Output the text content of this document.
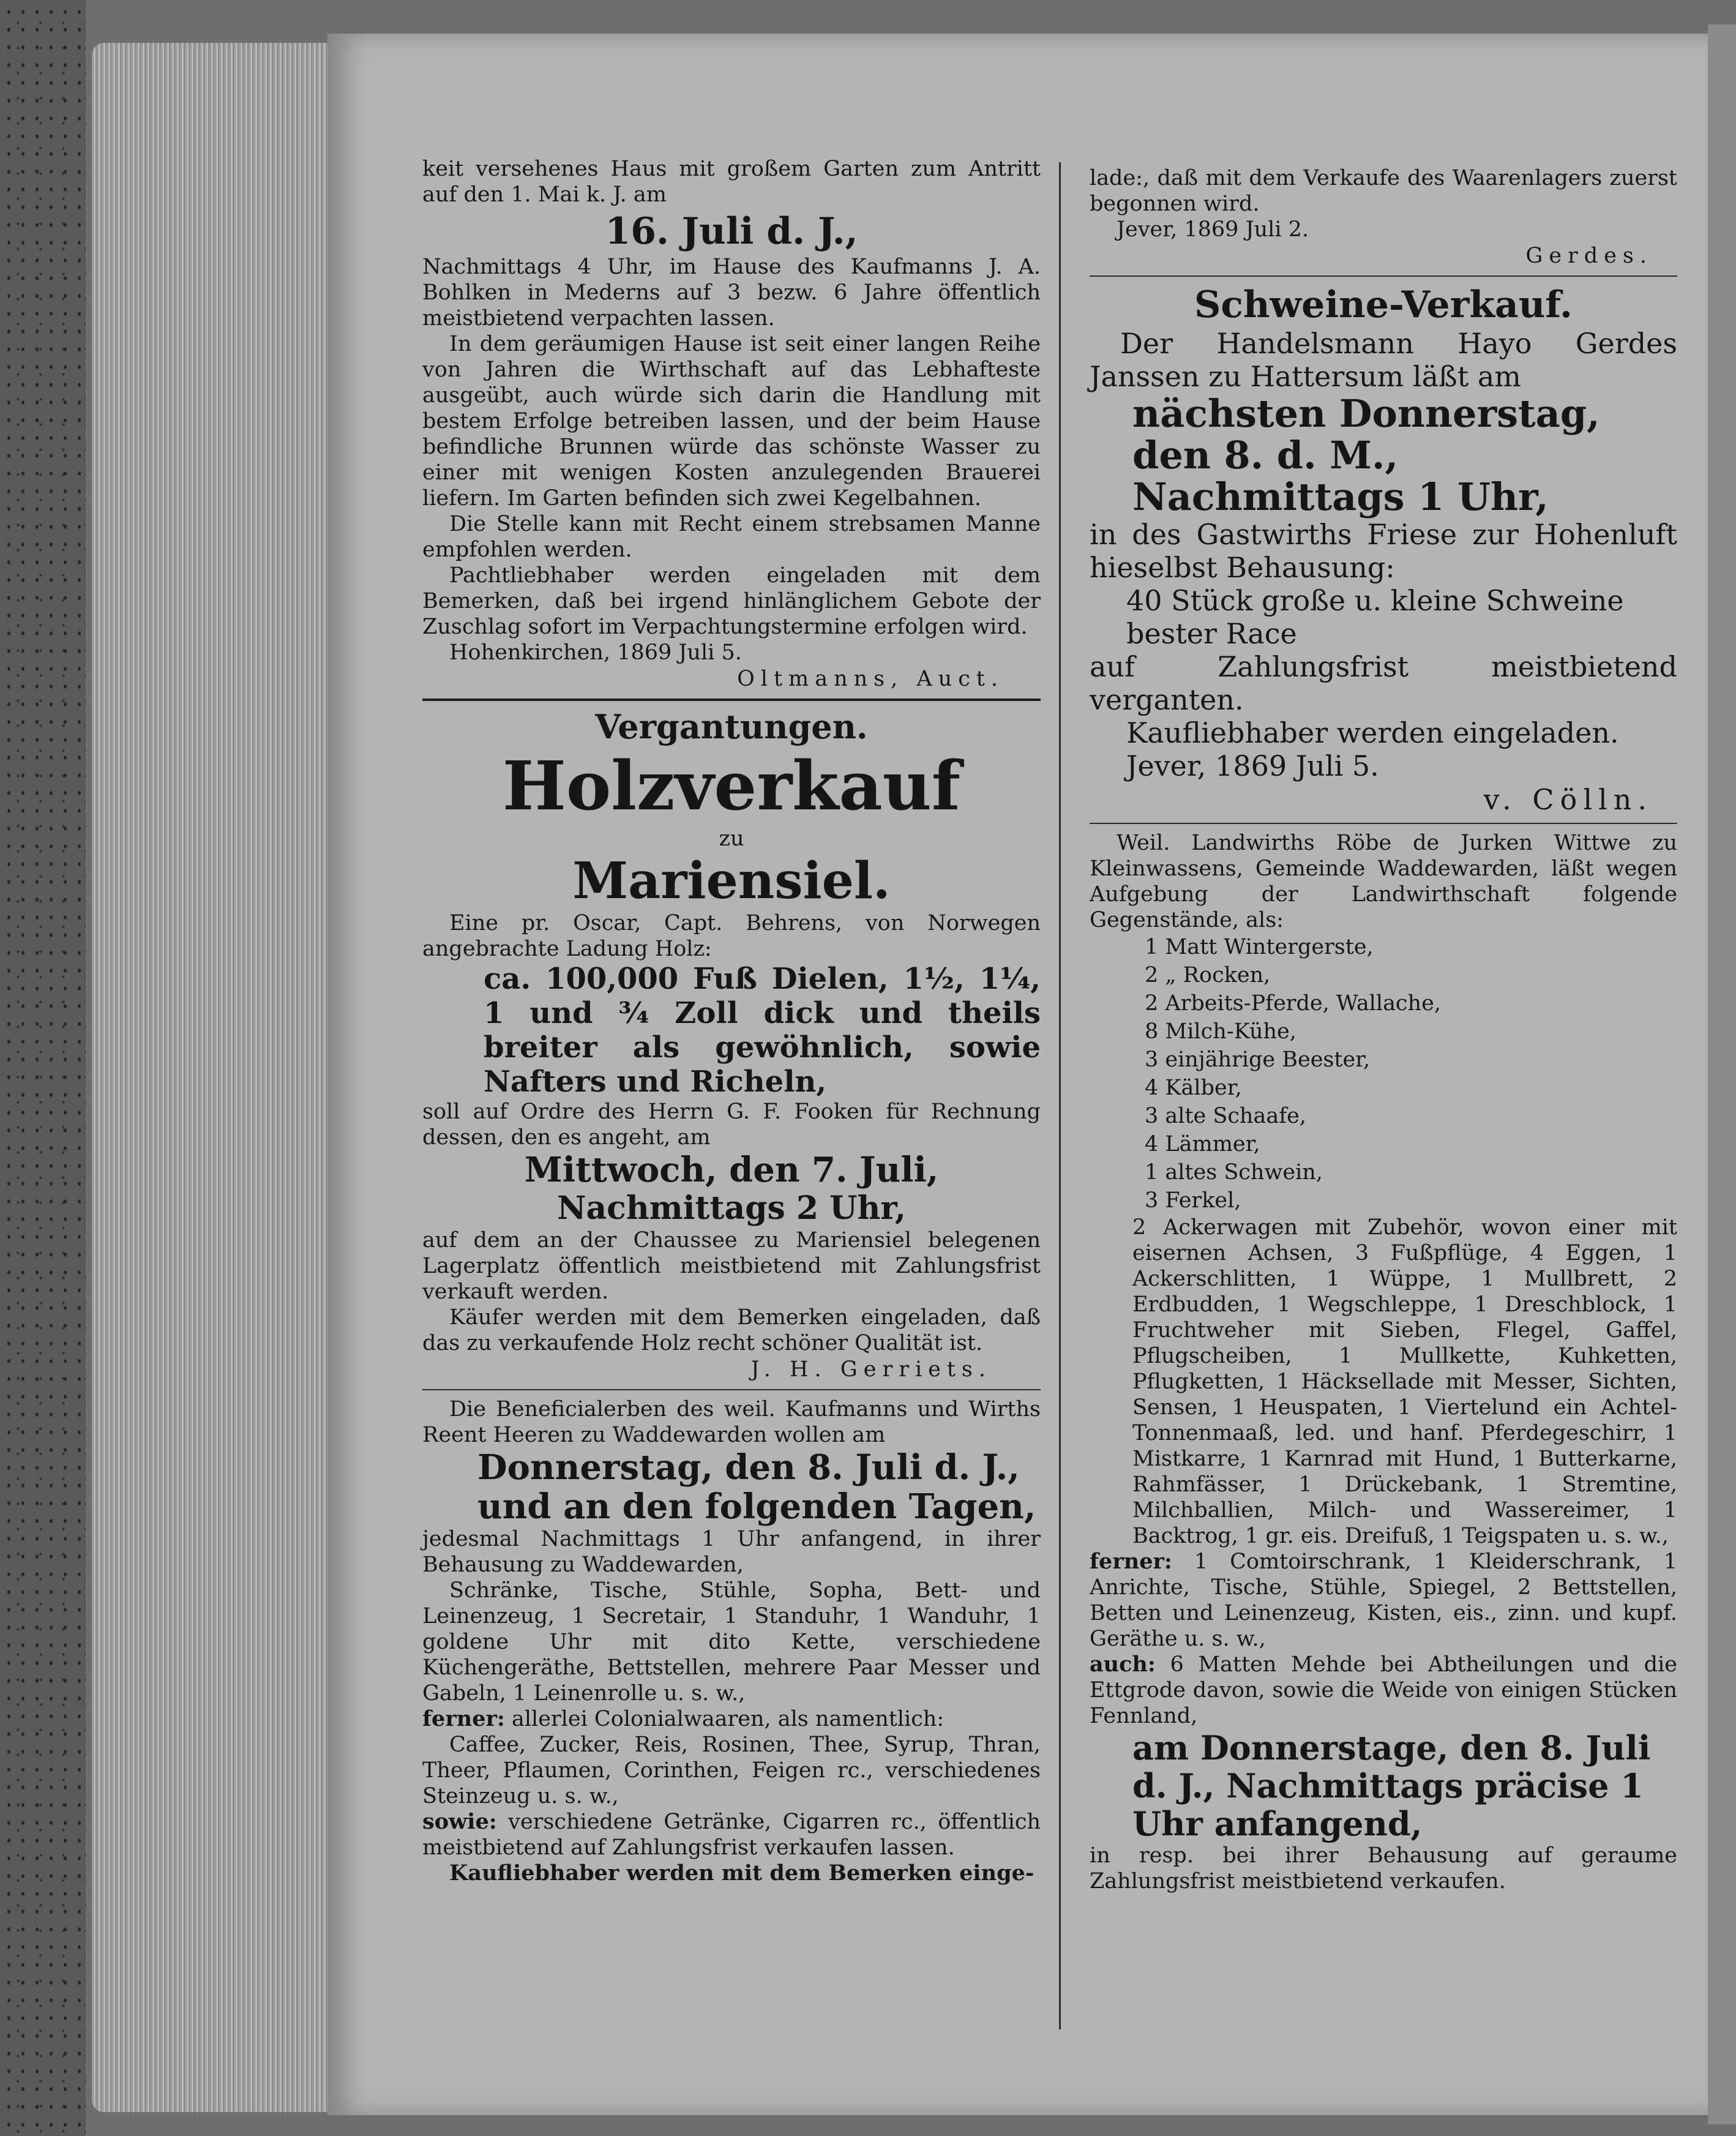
keit versehenes Haus mit großem Garten zum Antritt auf den 1. Mai k. J. am

16. Juli d. J.,

Nachmittags 4 Uhr, im Hause des Kaufmanns J. A. Bohlken in Mederns auf 3 bezw. 6 Jahre öffentlich meistbietend verpachten lassen.

In dem geräumigen Hause ist seit einer langen Reihe von Jahren die Wirthschaft auf das Lebhafteste ausgeübt, auch würde sich darin die Handlung mit bestem Erfolge betreiben lassen, und der beim Hause befindliche Brunnen würde das schönste Wasser zu einer mit wenigen Kosten anzulegenden Brauerei liefern. Im Garten befinden sich zwei Kegelbahnen.

Die Stelle kann mit Recht einem strebsamen Manne empfohlen werden.

Pachtliebhaber werden eingeladen mit dem Bemerken, daß bei irgend hinlänglichem Gebote der Zuschlag sofort im Verpachtungstermine erfolgen wird.

Hohenkirchen, 1869 Juli 5.

Oltmanns, Auct.

Vergantungen.

Holzverkauf

zu

Mariensiel.

Eine pr. Oscar, Capt. Behrens, von Norwegen angebrachte Ladung Holz:

ca. 100,000 Fuß Dielen, 1½, 1¼, 1 und ¾ Zoll dick und theils breiter als gewöhnlich, sowie Nafters und Richeln,

soll auf Ordre des Herrn G. F. Fooken für Rechnung dessen, den es angeht, am

Mittwoch, den 7. Juli,

Nachmittags 2 Uhr,

auf dem an der Chaussee zu Mariensiel belegenen Lagerplatz öffentlich meistbietend mit Zahlungsfrist verkauft werden.

Käufer werden mit dem Bemerken eingeladen, daß das zu verkaufende Holz recht schöner Qualität ist.

J. H. Gerriets.

Die Beneficialerben des weil. Kaufmanns und Wirths Reent Heeren zu Waddewarden wollen am

Donnerstag, den 8. Juli d. J.,

und an den folgenden Tagen,

jedesmal Nachmittags 1 Uhr anfangend, in ihrer Behausung zu Waddewarden,

Schränke, Tische, Stühle, Sopha, Bett- und Leinenzeug, 1 Secretair, 1 Standuhr, 1 Wanduhr, 1 goldene Uhr mit dito Kette, verschiedene Küchengeräthe, Bettstellen, mehrere Paar Messer und Gabeln, 1 Leinenrolle u. s. w.,

ferner: allerlei Colonialwaaren, als namentlich:

Caffee, Zucker, Reis, Rosinen, Thee, Syrup, Thran, Theer, Pflaumen, Corinthen, Feigen rc., verschiedenes Steinzeug u. s. w.,

sowie: verschiedene Getränke, Cigarren rc., öffentlich meistbietend auf Zahlungsfrist verkaufen lassen.

Kaufliebhaber werden mit dem Bemerken einge-

lade:, daß mit dem Verkaufe des Waarenlagers zuerst begonnen wird.

Jever, 1869 Juli 2.

Gerdes.

Schweine-Verkauf.

Der Handelsmann Hayo Gerdes Janssen zu Hattersum läßt am

nächsten Donnerstag, den 8. d. M., Nachmittags 1 Uhr,

in des Gastwirths Friese zur Hohenluft hieselbst Behausung:

40 Stück große u. kleine Schweine bester Race

auf Zahlungsfrist meistbietend verganten.

Kaufliebhaber werden eingeladen.

Jever, 1869 Juli 5.

v. Cölln.

Weil. Landwirths Röbe de Jurken Wittwe zu Kleinwassens, Gemeinde Waddewarden, läßt wegen Aufgebung der Landwirthschaft folgende Gegenstände, als:

1 Matt Wintergerste,
2 „ Rocken,
2 Arbeits-Pferde, Wallache,
8 Milch-Kühe,
3 einjährige Beester,
4 Kälber,
3 alte Schaafe,
4 Lämmer,
1 altes Schwein,
3 Ferkel,

2 Ackerwagen mit Zubehör, wovon einer mit eisernen Achsen, 3 Fußpflüge, 4 Eggen, 1 Ackerschlitten, 1 Wüppe, 1 Mullbrett, 2 Erdbudden, 1 Wegschleppe, 1 Dreschblock, 1 Fruchtweher mit Sieben, Flegel, Gaffel, Pflugscheiben, 1 Mullkette, Kuhketten, Pflugketten, 1 Häcksellade mit Messer, Sichten, Sensen, 1 Heuspaten, 1 Viertelund ein Achtel-Tonnenmaaß, led. und hanf. Pferdegeschirr, 1 Mistkarre, 1 Karnrad mit Hund, 1 Butterkarne, Rahmfässer, 1 Drückebank, 1 Stremtine, Milchballien, Milch- und Wassereimer, 1 Backtrog, 1 gr. eis. Dreifuß, 1 Teigspaten u. s. w.,

ferner: 1 Comtoirschrank, 1 Kleiderschrank, 1 Anrichte, Tische, Stühle, Spiegel, 2 Bettstellen, Betten und Leinenzeug, Kisten, eis., zinn. und kupf. Geräthe u. s. w.,

auch: 6 Matten Mehde bei Abtheilungen und die Ettgrode davon, sowie die Weide von einigen Stücken Fennland,

am Donnerstage, den 8. Juli d. J., Nachmittags präcise 1 Uhr anfangend,

in resp. bei ihrer Behausung auf geraume Zahlungsfrist meistbietend verkaufen.
